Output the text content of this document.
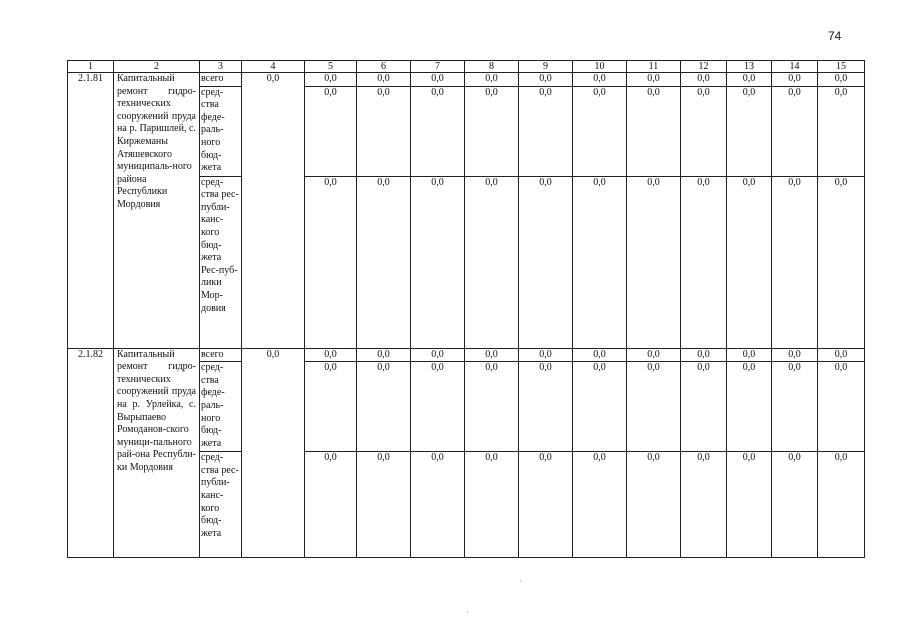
74
1	2	3	4	5	6	7	8	9	10	11	12	13	14	15
2.1.81	Капитальный ремонт гидро-технических сооружений пруда на р. Паришлей, с. Киржеманы Атяшевского муниципаль-ного района Республики Мордовия	всего	0,0	0,0	0,0	0,0	0,0	0,0	0,0	0,0	0,0	0,0	0,0	0,0
		сред-ства феде-раль-ного бюд-жета		0,0	0,0	0,0	0,0	0,0	0,0	0,0	0,0	0,0	0,0	0,0
		сред-ства рес-публи-канс-кого бюд-жета Рес-пуб-лики Мор-довия		0,0	0,0	0,0	0,0	0,0	0,0	0,0	0,0	0,0	0,0	0,0
2.1.82	Капитальный ремонт гидро-технических сооружений пруда на р. Урлейка, с. Вырыпаево Ромоданов-ского муници-пального рай-она Республи-ки Мордовия	всего	0,0	0,0	0,0	0,0	0,0	0,0	0,0	0,0	0,0	0,0	0,0	0,0
		сред-ства феде-раль-ного бюд-жета		0,0	0,0	0,0	0,0	0,0	0,0	0,0	0,0	0,0	0,0	0,0
		сред-ства рес-публи-канс-кого бюд-жета		0,0	0,0	0,0	0,0	0,0	0,0	0,0	0,0	0,0	0,0	0,0
·
ˌ
